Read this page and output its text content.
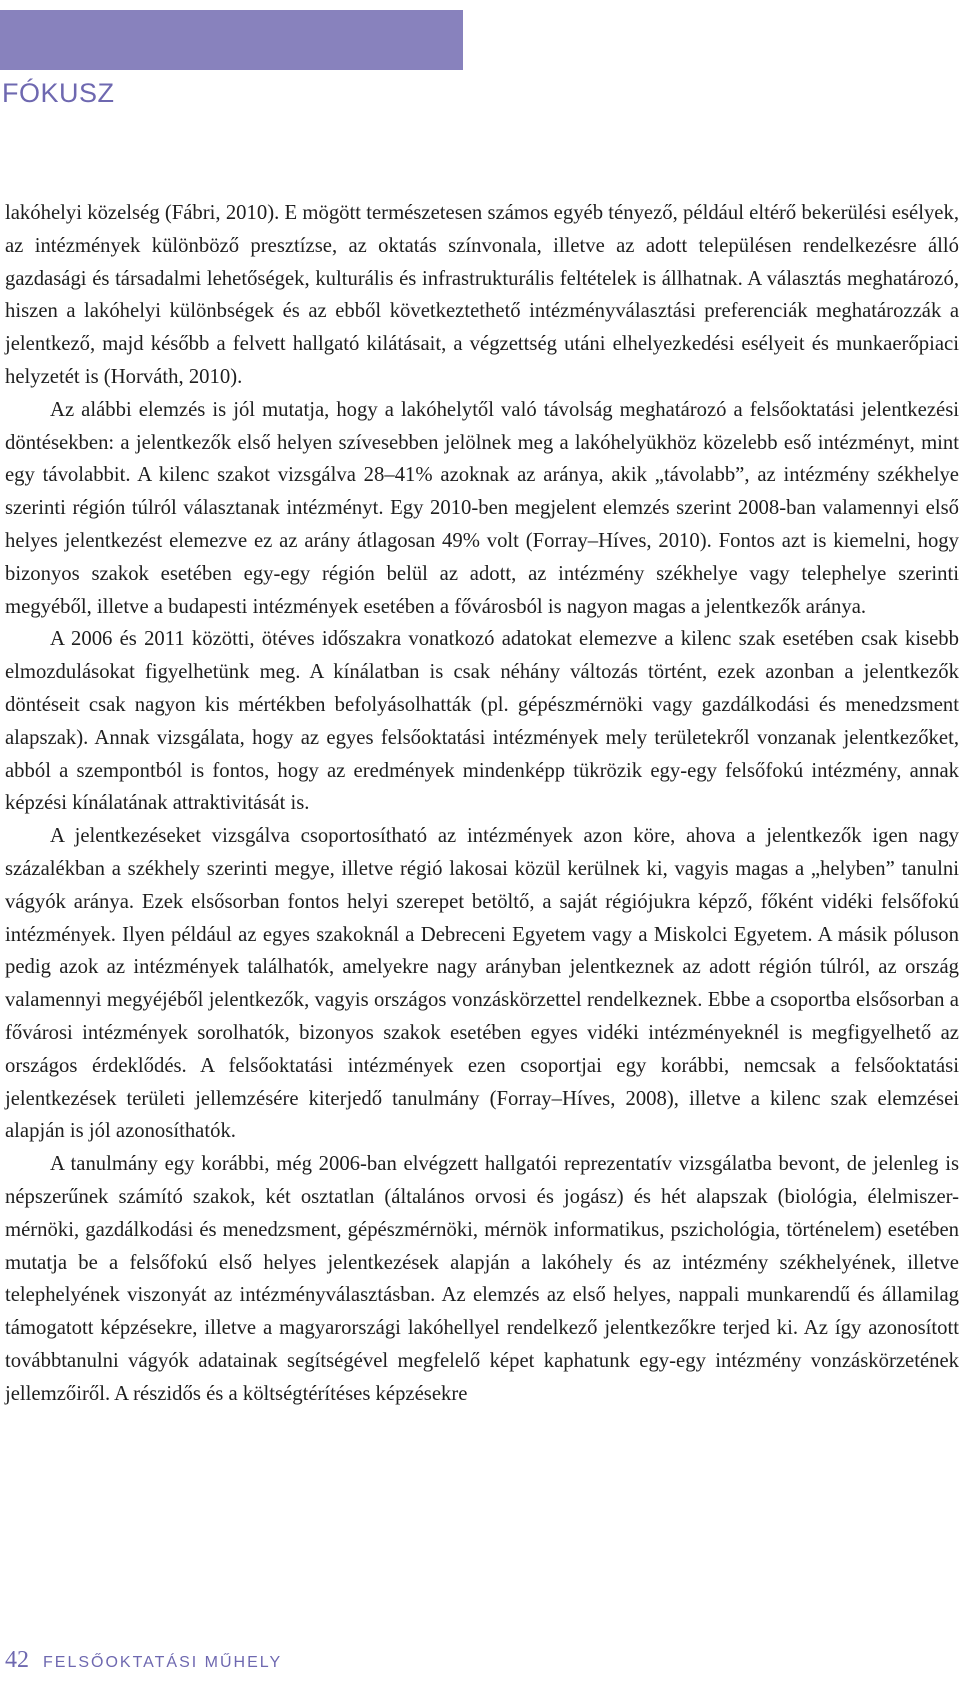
FÓKUSZ

lakóhelyi közelség (Fábri, 2010). E mögött természetesen számos egyéb tényező, például eltérő bekerülési esélyek, az intézmények különböző presztízse, az oktatás színvonala, illetve az adott településen rendelkezésre álló gazdasági és társadalmi lehetőségek, kulturális és infrastrukturális feltételek is állhatnak. A választás meghatározó, hiszen a lakóhelyi különbségek és az ebből következtethető intézményválasztási preferenciák meghatározzák a jelentkező, majd később a felvett hallgató kilátásait, a végzettség utáni elhelyezkedési esélyeit és munkaerőpiaci helyzetét is (Horváth, 2010).

Az alábbi elemzés is jól mutatja, hogy a lakóhelytől való távolság meghatározó a felsőoktatási jelentkezési döntésekben: a jelentkezők első helyen szívesebben jelölnek meg a lakóhelyükhöz közelebb eső intézményt, mint egy távolabbit. A kilenc szakot vizsgálva 28–41% azoknak az aránya, akik „távolabb”, az intézmény székhelye szerinti régión túlról választanak intézményt. Egy 2010-ben megjelent elemzés szerint 2008-ban valamennyi első helyes jelentkezést elemezve ez az arány átlagosan 49% volt (Forray–Híves, 2010). Fontos azt is kiemelni, hogy bizonyos szakok esetében egy-egy régión belül az adott, az intézmény székhelye vagy telephelye szerinti megyéből, illetve a budapesti intézmények esetében a fővárosból is nagyon magas a jelentkezők aránya.

A 2006 és 2011 közötti, ötéves időszakra vonatkozó adatokat elemezve a kilenc szak esetében csak kisebb elmozdulásokat figyelhetünk meg. A kínálatban is csak néhány változás történt, ezek azonban a jelentkezők döntéseit csak nagyon kis mértékben befolyásolhatták (pl. gépészmérnöki vagy gazdálkodási és menedzsment alapszak). Annak vizsgálata, hogy az egyes felsőoktatási intézmények mely területekről vonzanak jelentkezőket, abból a szempontból is fontos, hogy az eredmények mindenképp tükrözik egy-egy felsőfokú intézmény, annak képzési kínálatának attraktivitását is.

A jelentkezéseket vizsgálva csoportosítható az intézmények azon köre, ahova a jelentkezők igen nagy százalékban a székhely szerinti megye, illetve régió lakosai közül kerülnek ki, vagyis magas a „helyben” tanulni vágyók aránya. Ezek elsősorban fontos helyi szerepet betöltő, a saját régiójukra képző, főként vidéki felsőfokú intézmények. Ilyen például az egyes szakoknál a Debreceni Egyetem vagy a Miskolci Egyetem. A másik póluson pedig azok az intézmények találhatók, amelyekre nagy arányban jelentkeznek az adott régión túlról, az ország valamennyi megyéjéből jelentkezők, vagyis országos vonzáskörzettel rendelkeznek. Ebbe a csoportba elsősorban a fővárosi intézmények sorolhatók, bizonyos szakok esetében egyes vidéki intézményeknél is megfigyelhető az országos érdeklődés. A felsőoktatási intézmények ezen csoportjai egy korábbi, nemcsak a felsőoktatási jelentkezések területi jellemzésére kiterjedő tanulmány (Forray–Híves, 2008), illetve a kilenc szak elemzései alapján is jól azonosíthatók.

A tanulmány egy korábbi, még 2006-ban elvégzett hallgatói reprezentatív vizsgálatba bevont, de jelenleg is népszerűnek számító szakok, két osztatlan (általános orvosi és jogász) és hét alapszak (biológia, élelmiszer-mérnöki, gazdálkodási és menedzsment, gépészmérnöki, mérnök informatikus, pszichológia, történelem) esetében mutatja be a felsőfokú első helyes jelentkezések alapján a lakóhely és az intézmény székhelyének, illetve telephelyének viszonyát az intézményválasztásban. Az elemzés az első helyes, nappali munkarendű és államilag támogatott képzésekre, illetve a magyarországi lakóhellyel rendelkező jelentkezőkre terjed ki. Az így azonosított továbbtanulni vágyók adatainak segítségével megfelelő képet kaphatunk egy-egy intézmény vonzáskörzetének jellemzőiről. A részidős és a költségtérítéses képzésekre

42 FELSŐOKTATÁSI MŰHELY
